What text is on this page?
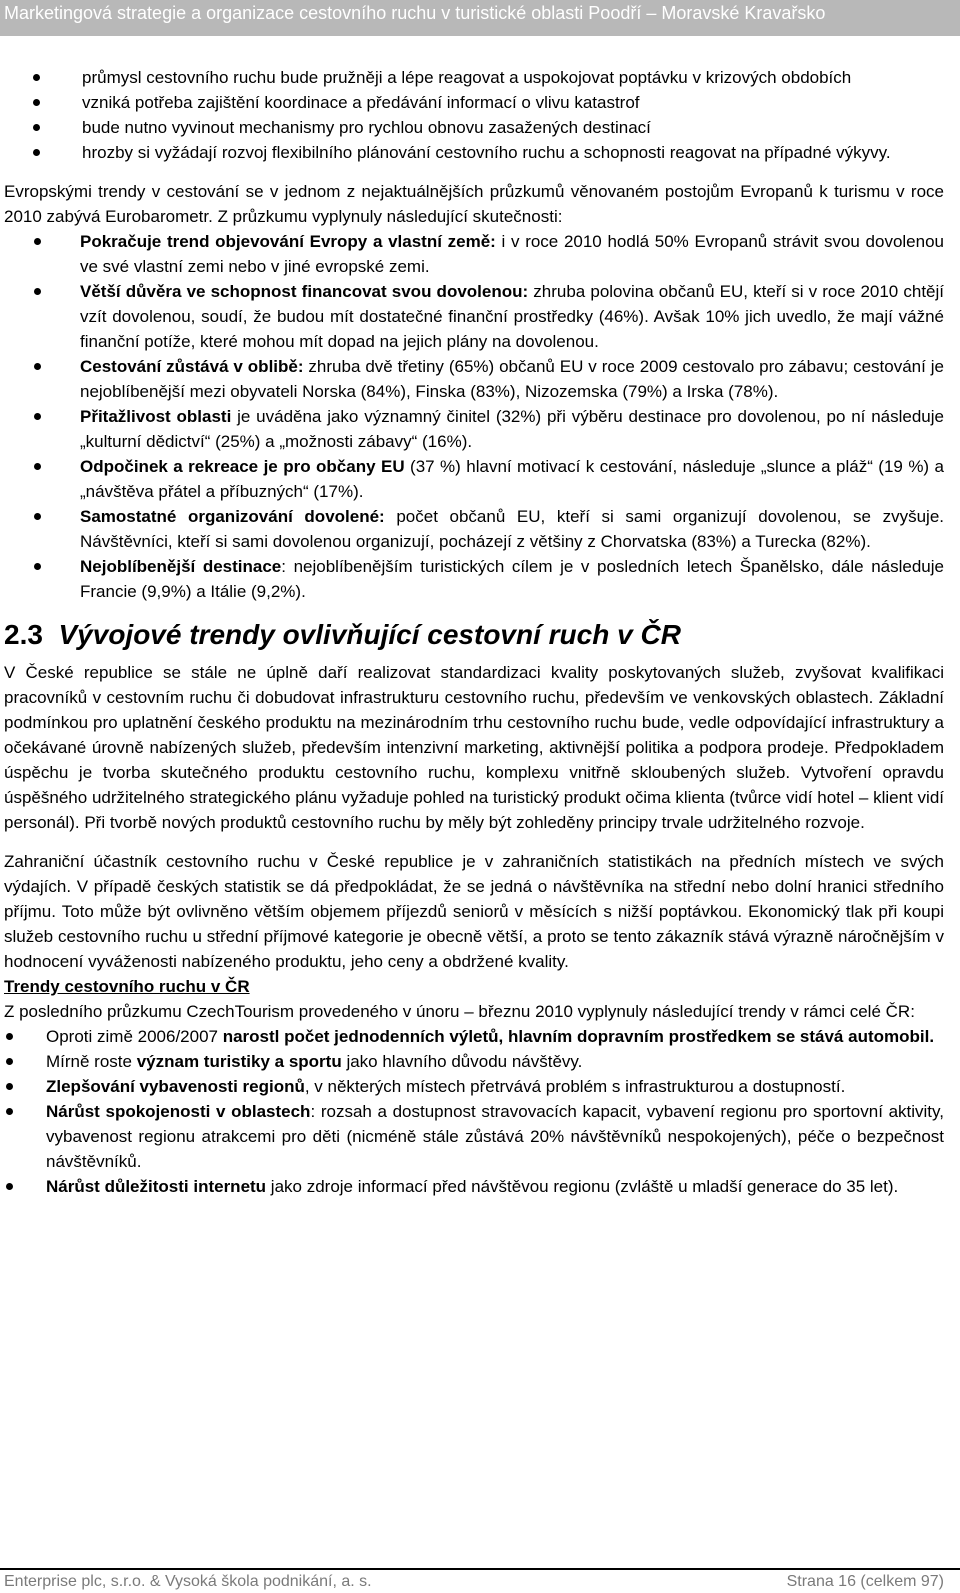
Marketingová strategie a organizace cestovního ruchu v turistické oblasti Poodří – Moravské Kravařsko
průmysl cestovního ruchu bude pružněji a lépe reagovat a uspokojovat poptávku v krizových obdobích
vzniká potřeba zajištění koordinace a předávání informací o vlivu katastrof
bude nutno vyvinout mechanismy pro rychlou obnovu zasažených destinací
hrozby si vyžádají rozvoj flexibilního plánování cestovního ruchu a schopnosti reagovat na případné výkyvy.

Evropskými trendy v cestování se v jednom z nejaktuálnějších průzkumů věnovaném postojům Evropanů k turismu v roce 2010 zabývá Eurobarometr. Z průzkumu vyplynuly následující skutečnosti:

Pokračuje trend objevování Evropy a vlastní země: i v roce 2010 hodlá 50% Evropanů strávit svou dovolenou ve své vlastní zemi nebo v jiné evropské zemi.
Větší důvěra ve schopnost financovat svou dovolenou: zhruba polovina občanů EU, kteří si v roce 2010 chtějí vzít dovolenou, soudí, že budou mít dostatečné finanční prostředky (46%). Avšak 10% jich uvedlo, že mají vážné finanční potíže, které mohou mít dopad na jejich plány na dovolenou.
Cestování zůstává v oblibě: zhruba dvě třetiny (65%) občanů EU v roce 2009 cestovalo pro zábavu; cestování je nejoblíbenější mezi obyvateli Norska (84%), Finska (83%), Nizozemska (79%) a Irska (78%).
Přitažlivost oblasti je uváděna jako významný činitel (32%) při výběru destinace pro dovolenou, po ní následuje „kulturní dědictví“ (25%) a „možnosti zábavy“ (16%).
Odpočinek a rekreace je pro občany EU (37 %) hlavní motivací k cestování, následuje „slunce a pláž“ (19 %) a „návštěva přátel a příbuzných“ (17%).
Samostatné organizování dovolené: počet občanů EU, kteří si sami organizují dovolenou, se zvyšuje. Návštěvníci, kteří si sami dovolenou organizují, pocházejí z většiny z Chorvatska (83%) a Turecka (82%).
Nejoblíbenější destinace: nejoblíbenějším turistických cílem je v posledních letech Španělsko, dále následuje Francie (9,9%) a Itálie (9,2%).
2.3 Vývojové trendy ovlivňující cestovní ruch v ČR

V České republice se stále ne úplně daří realizovat standardizaci kvality poskytovaných služeb, zvyšovat kvalifikaci pracovníků v cestovním ruchu či dobudovat infrastrukturu cestovního ruchu, především ve venkovských oblastech. Základní podmínkou pro uplatnění českého produktu na mezinárodním trhu cestovního ruchu bude, vedle odpovídající infrastruktury a očekávané úrovně nabízených služeb, především intenzivní marketing, aktivnější politika a podpora prodeje. Předpokladem úspěchu je tvorba skutečného produktu cestovního ruchu, komplexu vnitřně skloubených služeb. Vytvoření opravdu úspěšného udržitelného strategického plánu vyžaduje pohled na turistický produkt očima klienta (tvůrce vidí hotel – klient vidí personál). Při tvorbě nových produktů cestovního ruchu by měly být zohleděny principy trvale udržitelného rozvoje.

Zahraniční účastník cestovního ruchu v České republice je v zahraničních statistikách na předních místech ve svých výdajích. V případě českých statistik se dá předpokládat, že se jedná o návštěvníka na střední nebo dolní hranici středního příjmu. Toto může být ovlivněno větším objemem příjezdů seniorů v měsících s nižší poptávkou. Ekonomický tlak při koupi služeb cestovního ruchu u střední příjmové kategorie je obecně větší, a proto se tento zákazník stává výrazně náročnějším v hodnocení vyváženosti nabízeného produktu, jeho ceny a obdržené kvality.

Trendy cestovního ruchu v ČR

Z posledního průzkumu CzechTourism provedeného v únoru – březnu 2010 vyplynuly následující trendy v rámci celé ČR:

Oproti zimě 2006/2007 narostl počet jednodenních výletů, hlavním dopravním prostředkem se stává automobil.
Mírně roste význam turistiky a sportu jako hlavního důvodu návštěvy.
Zlepšování vybavenosti regionů, v některých místech přetrvává problém s infrastrukturou a dostupností.
Nárůst spokojenosti v oblastech: rozsah a dostupnost stravovacích kapacit, vybavení regionu pro sportovní aktivity, vybavenost regionu atrakcemi pro děti (nicméně stále zůstává 20% návštěvníků nespokojených), péče o bezpečnost návštěvníků.
Nárůst důležitosti internetu jako zdroje informací před návštěvou regionu (zvláště u mladší generace do 35 let).
Enterprise plc, s.r.o. & Vysoká škola podnikání, a. s.	Strana 16 (celkem 97)
